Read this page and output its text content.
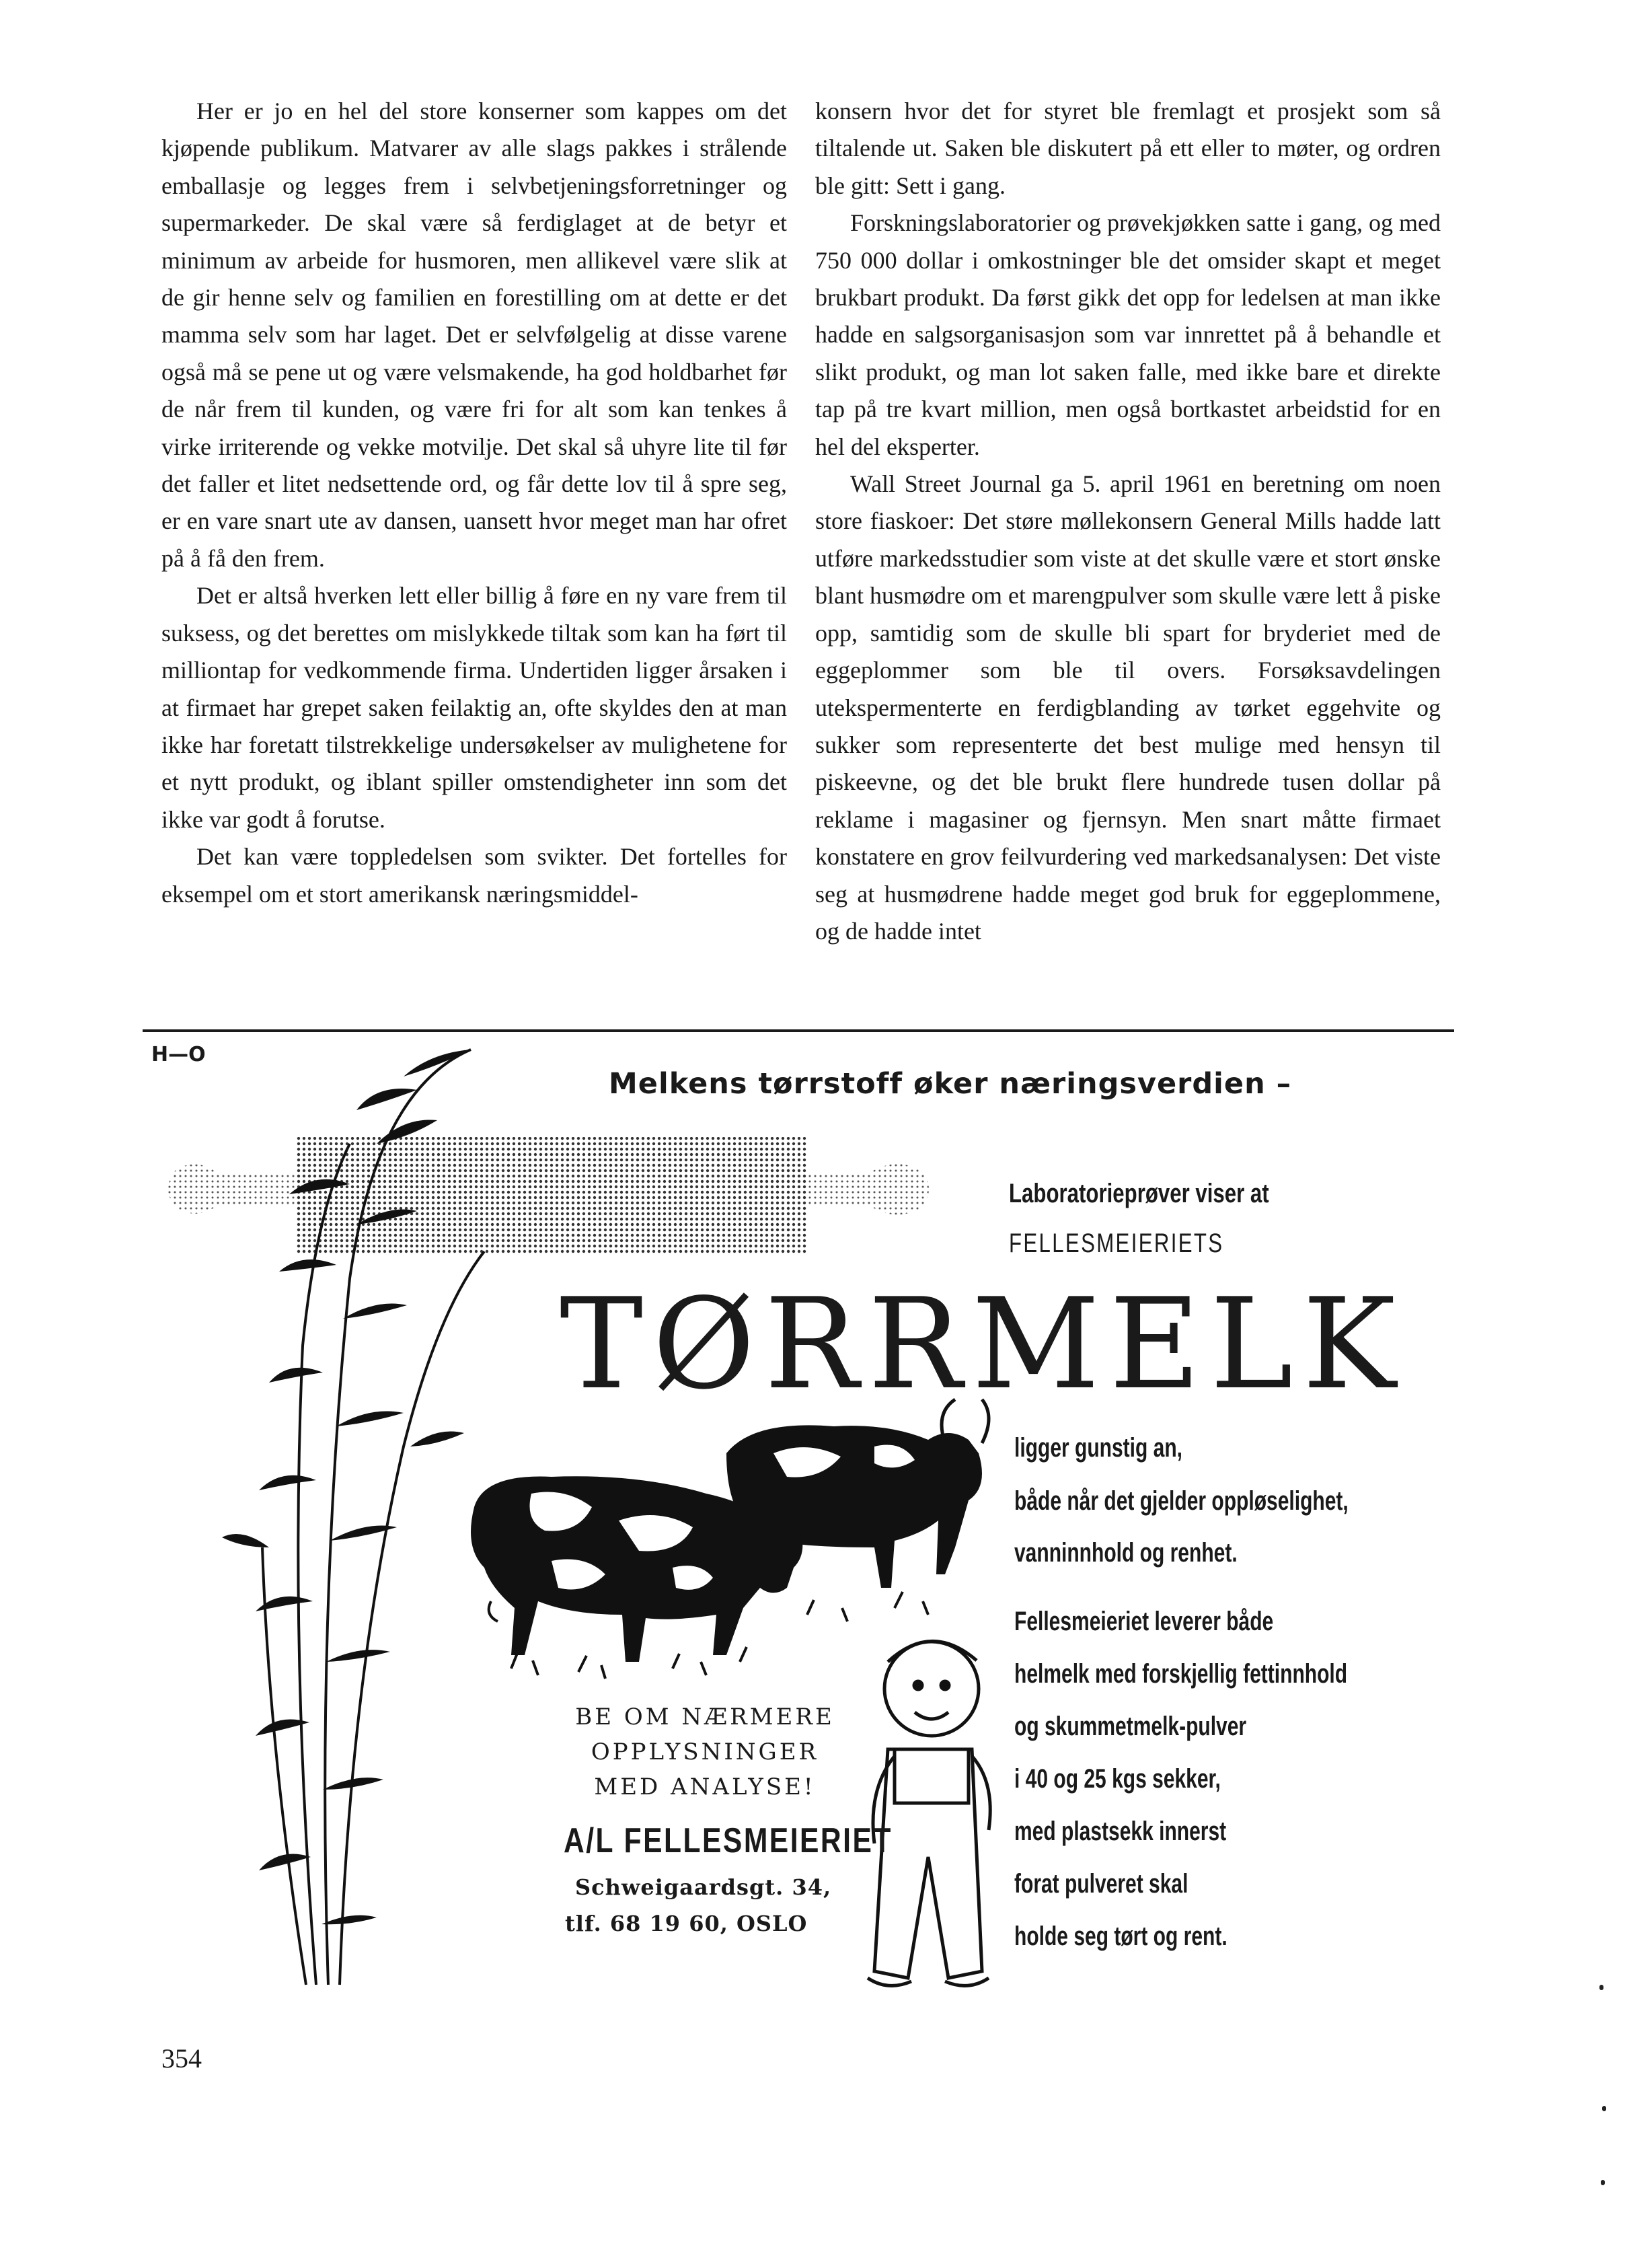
Her er jo en hel del store konserner som kappes om det kjøpende publikum. Matvarer av alle slags pakkes i strålende emballasje og legges frem i selvbetjeningsforretninger og supermarkeder. De skal være så ferdiglaget at de betyr et minimum av arbeide for husmoren, men allikevel være slik at de gir henne selv og familien en forestilling om at dette er det mamma selv som har laget. Det er selvfølgelig at disse varene også må se pene ut og være velsmakende, ha god holdbarhet før de når frem til kunden, og være fri for alt som kan tenkes å virke irriterende og vekke motvilje. Det skal så uhyre lite til før det faller et litet nedsettende ord, og får dette lov til å spre seg, er en vare snart ute av dansen, uansett hvor meget man har ofret på å få den frem.

Det er altså hverken lett eller billig å føre en ny vare frem til suksess, og det berettes om mislykkede tiltak som kan ha ført til milliontap for vedkommende firma. Undertiden ligger årsaken i at firmaet har grepet saken feilaktig an, ofte skyldes den at man ikke har foretatt tilstrekkelige undersøkelser av mulighetene for et nytt produkt, og iblant spiller omstendigheter inn som det ikke var godt å forutse.

Det kan være toppledelsen som svikter. Det fortelles for eksempel om et stort amerikansk næringsmiddel-

konsern hvor det for styret ble fremlagt et prosjekt som så tiltalende ut. Saken ble diskutert på ett eller to møter, og ordren ble gitt: Sett i gang.

Forskningslaboratorier og prøvekjøkken satte i gang, og med 750 000 dollar i omkostninger ble det omsider skapt et meget brukbart produkt. Da først gikk det opp for ledelsen at man ikke hadde en salgsorganisasjon som var innrettet på å behandle et slikt produkt, og man lot saken falle, med ikke bare et direkte tap på tre kvart million, men også bortkastet arbeidstid for en hel del eksperter.

Wall Street Journal ga 5. april 1961 en beretning om noen store fiaskoer: Det støre møllekonsern General Mills hadde latt utføre markedsstudier som viste at det skulle være et stort ønske blant husmødre om et marengpulver som skulle være lett å piske opp, samtidig som de skulle bli spart for bryderiet med de eggeplommer som ble til overs. Forsøksavdelingen utekspermenterte en ferdigblanding av tørket eggehvite og sukker som representerte det best mulige med hensyn til piskeevne, og det ble brukt flere hundrede tusen dollar på reklame i magasiner og fjernsyn. Men snart måtte firmaet konstatere en grov feilvurdering ved markedsanalysen: Det viste seg at husmødrene hadde meget god bruk for eggeplommene, og de hadde intet

H—O
Melkens tørrstoff øker næringsverdien –
Laboratorieprøver viser at
FELLESMEIERIETS
TØRRMELK
ligger gunstig an,
både når det gjelder oppløselighet,
vanninnhold og renhet.
Fellesmeieriet leverer både
helmelk med forskjellig fettinnhold
og skummetmelk-pulver
i 40 og 25 kgs sekker,
med plastsekk innerst
forat pulveret skal
holde seg tørt og rent.
BE OM NÆRMERE
OPPLYSNINGER
MED ANALYSE!
A/L FELLESMEIERIET
Schweigaardsgt. 34,
tlf. 68 19 60, OSLO
354
